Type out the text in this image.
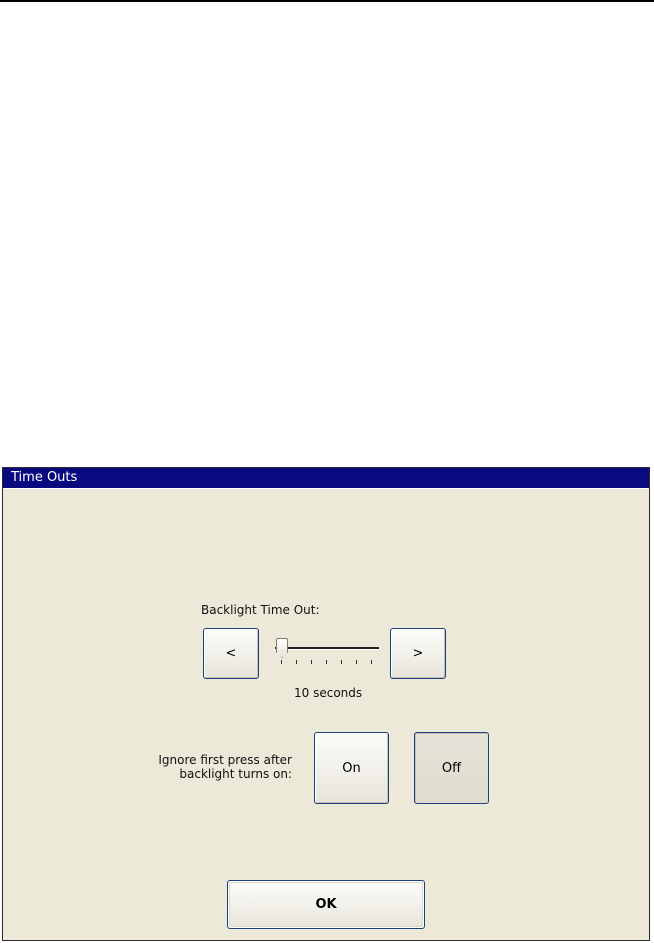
Time Outs
Backlight Time Out:
<	>
10 seconds
Ignore first press after
backlight turns on:	On	Off
OK
